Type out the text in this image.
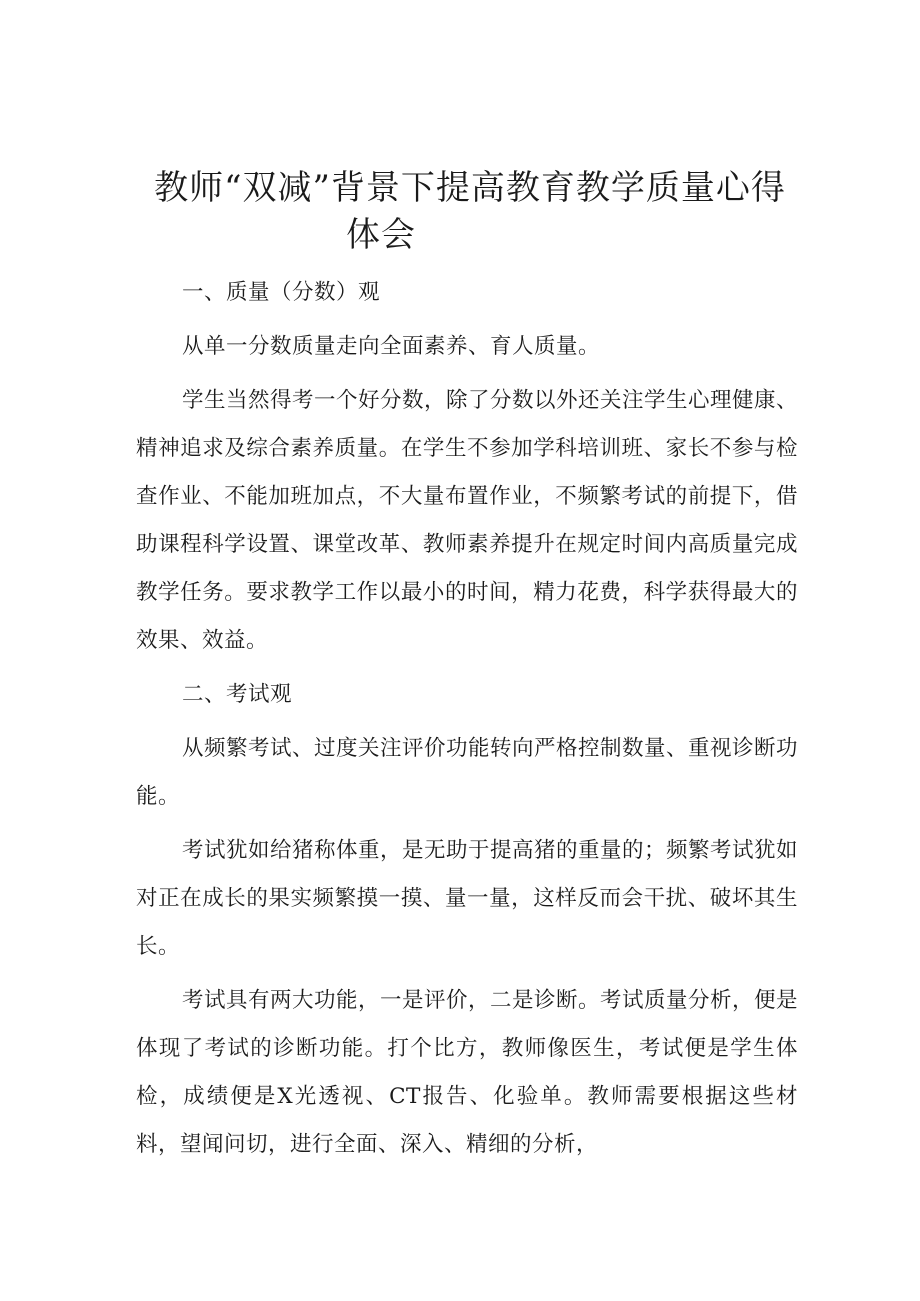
教师“双减”背景下提高教育教学质量心得
体会

一、质量（分数）观

从单一分数质量走向全面素养、育人质量。

学生当然得考一个好分数，除了分数以外还关注学生心理健康、精神追求及综合素养质量。在学生不参加学科培训班、家长不参与检查作业、不能加班加点，不大量布置作业，不频繁考试的前提下，借助课程科学设置、课堂改革、教师素养提升在规定时间内高质量完成教学任务。要求教学工作以最小的时间，精力花费，科学获得最大的效果、效益。

二、考试观

从频繁考试、过度关注评价功能转向严格控制数量、重视诊断功能。

考试犹如给猪称体重，是无助于提高猪的重量的；频繁考试犹如对正在成长的果实频繁摸一摸、量一量，这样反而会干扰、破坏其生长。

考试具有两大功能，一是评价，二是诊断。考试质量分析，便是体现了考试的诊断功能。打个比方，教师像医生，考试便是学生体检，成绩便是X光透视、CT报告、化验单。教师需要根据这些材料，望闻问切，进行全面、深入、精细的分析，
